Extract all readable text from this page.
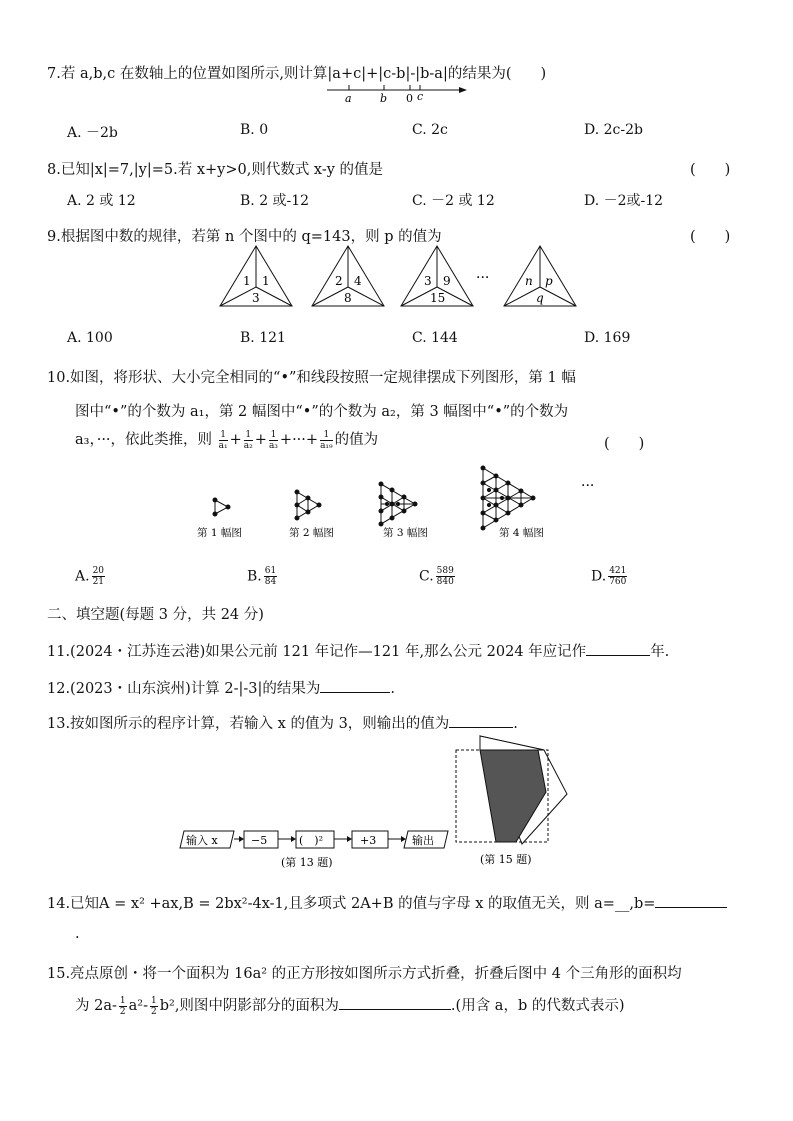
7.若 a,b,c 在数轴上的位置如图所示,则计算|a+c|+|c-b|-|b-a|的结果为(　　)
a	b 0 c
A. －2b	B. 0	C. 2c	D. 2c-2b
8.已知|x|=7,|y|=5.若 x+y>0,则代数式 x-y 的值是	(　　)
A. 2 或 12	B. 2 或-12	C. －2 或 12	D. －2或-12
9.根据图中数的规律，若第 n 个图中的 q=143，则 p 的值为	(　　)
1 1
3
2 4
8
3 9
15
···	n p
q
A. 100	B. 121	C. 144	D. 169
10.如图，将形状、大小完全相同的“•”和线段按照一定规律摆成下列图形，第 1 幅
图中“•”的个数为 a₁，第 2 幅图中“•”的个数为 a₂，第 3 幅图中“•”的个数为
a₃，···，依此类推，则 $\frac{1}{\text{a₁}} + \frac{1}{\text{a₂}} + \frac{1}{\text{a₃}}$ +···+ $\frac{1}{\text{a₁₉}}$ 的值为	(　　)
···
第 1 幅图	第 2 幅图	第 3 幅图	第 4 幅图
A. $\frac{20}{21}$	B. $\frac{61}{84}$	C. $\frac{589}{840}$	D. $\frac{421}{760}$
二、填空题(每题 3 分，共 24 分)
11.(2024・江苏连云港)如果公元前 121 年记作—121 年,那么公元 2024 年应记作	年.
12.(2023・山东滨州)计算 2-|-3|的结果为	.
13.按如图所示的程序计算，若输入 x 的值为 3，则输出的值为	.
(第 15 题)
输入 x	−5	(　)²	+3	输出
(第 13 题)
14.已知A = x² +ax,B = 2bx²-4x-1,且多项式 2A+B 的值与字母 x 的取值无关，则 a=__,b=
.
15.亮点原创・将一个面积为 16a² 的正方形按如图所示方式折叠，折叠后图中 4 个三角形的面积均
为 $2a- \frac{1}{2} a^2- \frac{1}{2} b^2$,则图中阴影部分的面积为	.(用含 a，b 的代数式表示)
